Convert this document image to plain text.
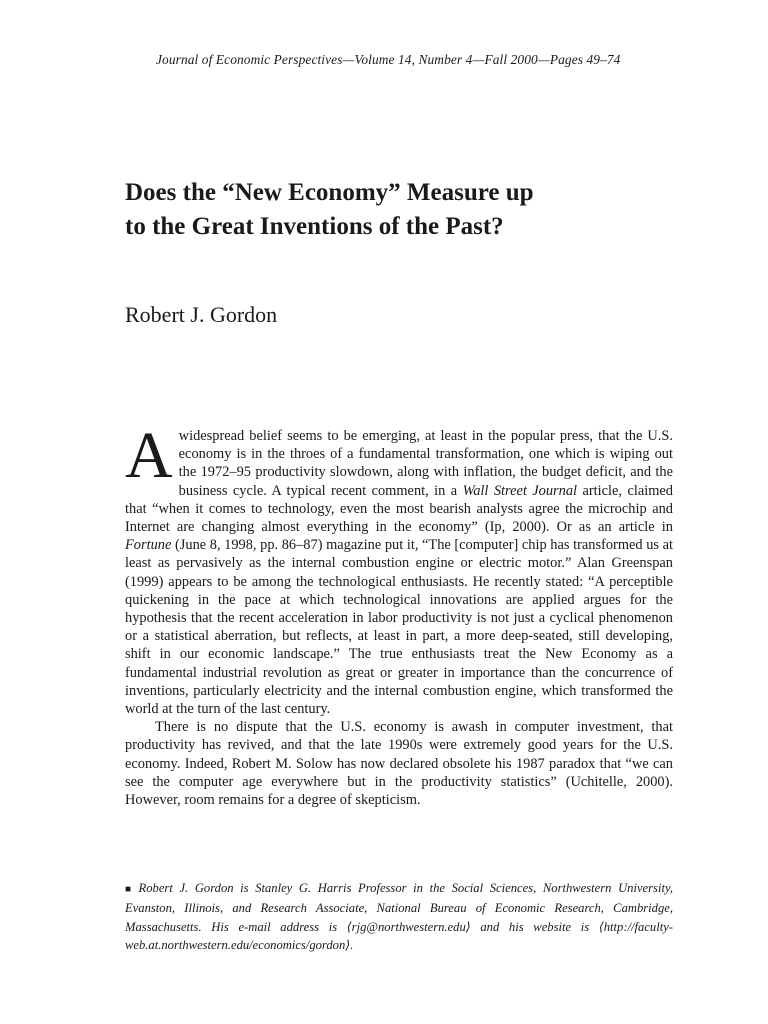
Journal of Economic Perspectives—Volume 14, Number 4—Fall 2000—Pages 49–74
Does the “New Economy” Measure up
to the Great Inventions of the Past?
Robert J. Gordon

Awidespread belief seems to be emerging, at least in the popular press, that the U.S. economy is in the throes of a fundamental transformation, one which is wiping out the 1972–95 productivity slowdown, along with inflation, the budget deficit, and the business cycle. A typical recent comment, in a Wall Street Journal article, claimed that “when it comes to technology, even the most bearish analysts agree the microchip and Internet are changing almost everything in the economy” (Ip, 2000). Or as an article in Fortune (June 8, 1998, pp. 86–87) magazine put it, “The [computer] chip has transformed us at least as pervasively as the internal combustion engine or electric motor.” Alan Greenspan (1999) appears to be among the technological enthusiasts. He recently stated: “A perceptible quickening in the pace at which technological innovations are applied argues for the hypothesis that the recent acceleration in labor productivity is not just a cyclical phenomenon or a statistical aberration, but reflects, at least in part, a more deep-seated, still developing, shift in our economic landscape.” The true enthusiasts treat the New Economy as a fundamental industrial revolution as great or greater in importance than the concurrence of inventions, particularly electricity and the internal combustion engine, which transformed the world at the turn of the last century.

There is no dispute that the U.S. economy is awash in computer investment, that productivity has revived, and that the late 1990s were extremely good years for the U.S. economy. Indeed, Robert M. Solow has now declared obsolete his 1987 paradox that “we can see the computer age everywhere but in the productivity statistics” (Uchitelle, 2000). However, room remains for a degree of skepticism.

■ Robert J. Gordon is Stanley G. Harris Professor in the Social Sciences, Northwestern University, Evanston, Illinois, and Research Associate, National Bureau of Economic Research, Cambridge, Massachusetts. His e-mail address is ⟨rjg@northwestern.edu⟩ and his website is ⟨http://faculty-web.at.northwestern.edu/economics/gordon⟩.
